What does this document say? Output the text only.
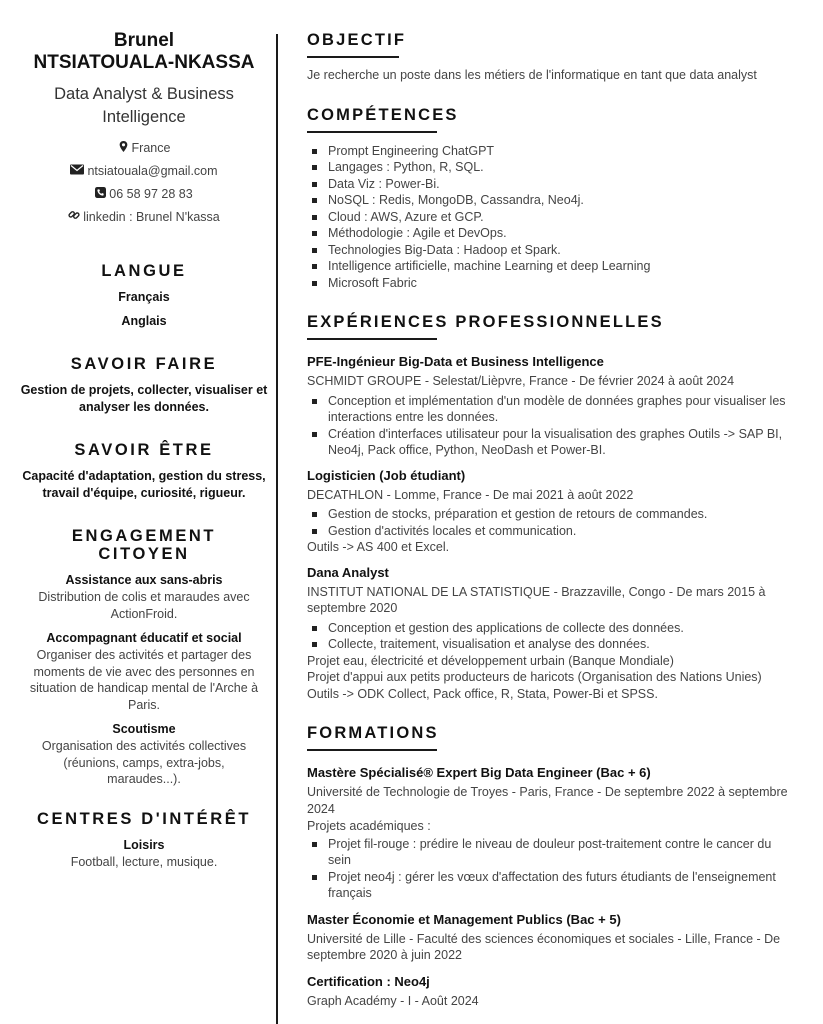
Brunel
NTSIATOUALA-NKASSA
Data Analyst & Business Intelligence
France
ntsiatouala@gmail.com
06 58 97 28 83
linkedin : Brunel N'kassa
LANGUE
Français
Anglais
SAVOIR FAIRE
Gestion de projets, collecter, visualiser et analyser les données.
SAVOIR ÊTRE
Capacité d'adaptation, gestion du stress, travail d'équipe, curiosité, rigueur.
ENGAGEMENT CITOYEN
Assistance aux sans-abris
Distribution de colis et maraudes avec ActionFroid.
Accompagnant éducatif et social
Organiser des activités et partager des moments de vie avec des personnes en situation de handicap mental de l'Arche à Paris.
Scoutisme
Organisation des activités collectives (réunions, camps, extra-jobs, maraudes...).
CENTRES D'INTÉRÊT
Loisirs
Football, lecture, musique.
OBJECTIF
Je recherche un poste dans les métiers de l'informatique en tant que data analyst
COMPÉTENCES
Prompt Engineering ChatGPT
Langages : Python, R, SQL.
Data Viz : Power-Bi.
NoSQL : Redis, MongoDB, Cassandra, Neo4j.
Cloud : AWS, Azure et GCP.
Méthodologie : Agile et DevOps.
Technologies Big-Data : Hadoop et Spark.
Intelligence artificielle, machine Learning et deep Learning
Microsoft Fabric
EXPÉRIENCES PROFESSIONNELLES
PFE-Ingénieur Big-Data et Business Intelligence
SCHMIDT GROUPE - Selestat/Lièpvre, France - De février 2024 à août 2024
Conception et implémentation d'un modèle de données graphes pour visualiser les interactions entre les données.
Création d'interfaces utilisateur pour la visualisation des graphes Outils -> SAP BI, Neo4j, Pack office, Python, NeoDash et Power-BI.
Logisticien (Job étudiant)
DECATHLON - Lomme, France - De mai 2021 à août 2022
Gestion de stocks, préparation et gestion de retours de commandes.
Gestion d'activités locales et communication.
Outils -> AS 400 et Excel.
Dana Analyst
INSTITUT NATIONAL DE LA STATISTIQUE - Brazzaville, Congo - De mars 2015 à septembre 2020
Conception et gestion des applications de collecte des données.
Collecte, traitement, visualisation et analyse des données.
Projet eau, électricité et développement urbain (Banque Mondiale)
Projet d'appui aux petits producteurs de haricots (Organisation des Nations Unies)
Outils -> ODK Collect, Pack office, R, Stata, Power-Bi et SPSS.
FORMATIONS
Mastère Spécialisé® Expert Big Data Engineer (Bac + 6)
Université de Technologie de Troyes - Paris, France - De septembre 2022 à septembre 2024
Projets académiques :
Projet fil-rouge : prédire le niveau de douleur post-traitement contre le cancer du sein
Projet neo4j : gérer les vœux d'affectation des futurs étudiants de l'enseignement français
Master Économie et Management Publics (Bac + 5)
Université de Lille - Faculté des sciences économiques et sociales - Lille, France - De septembre 2020 à juin 2022
Certification : Neo4j
Graph Académy - I - Août 2024
